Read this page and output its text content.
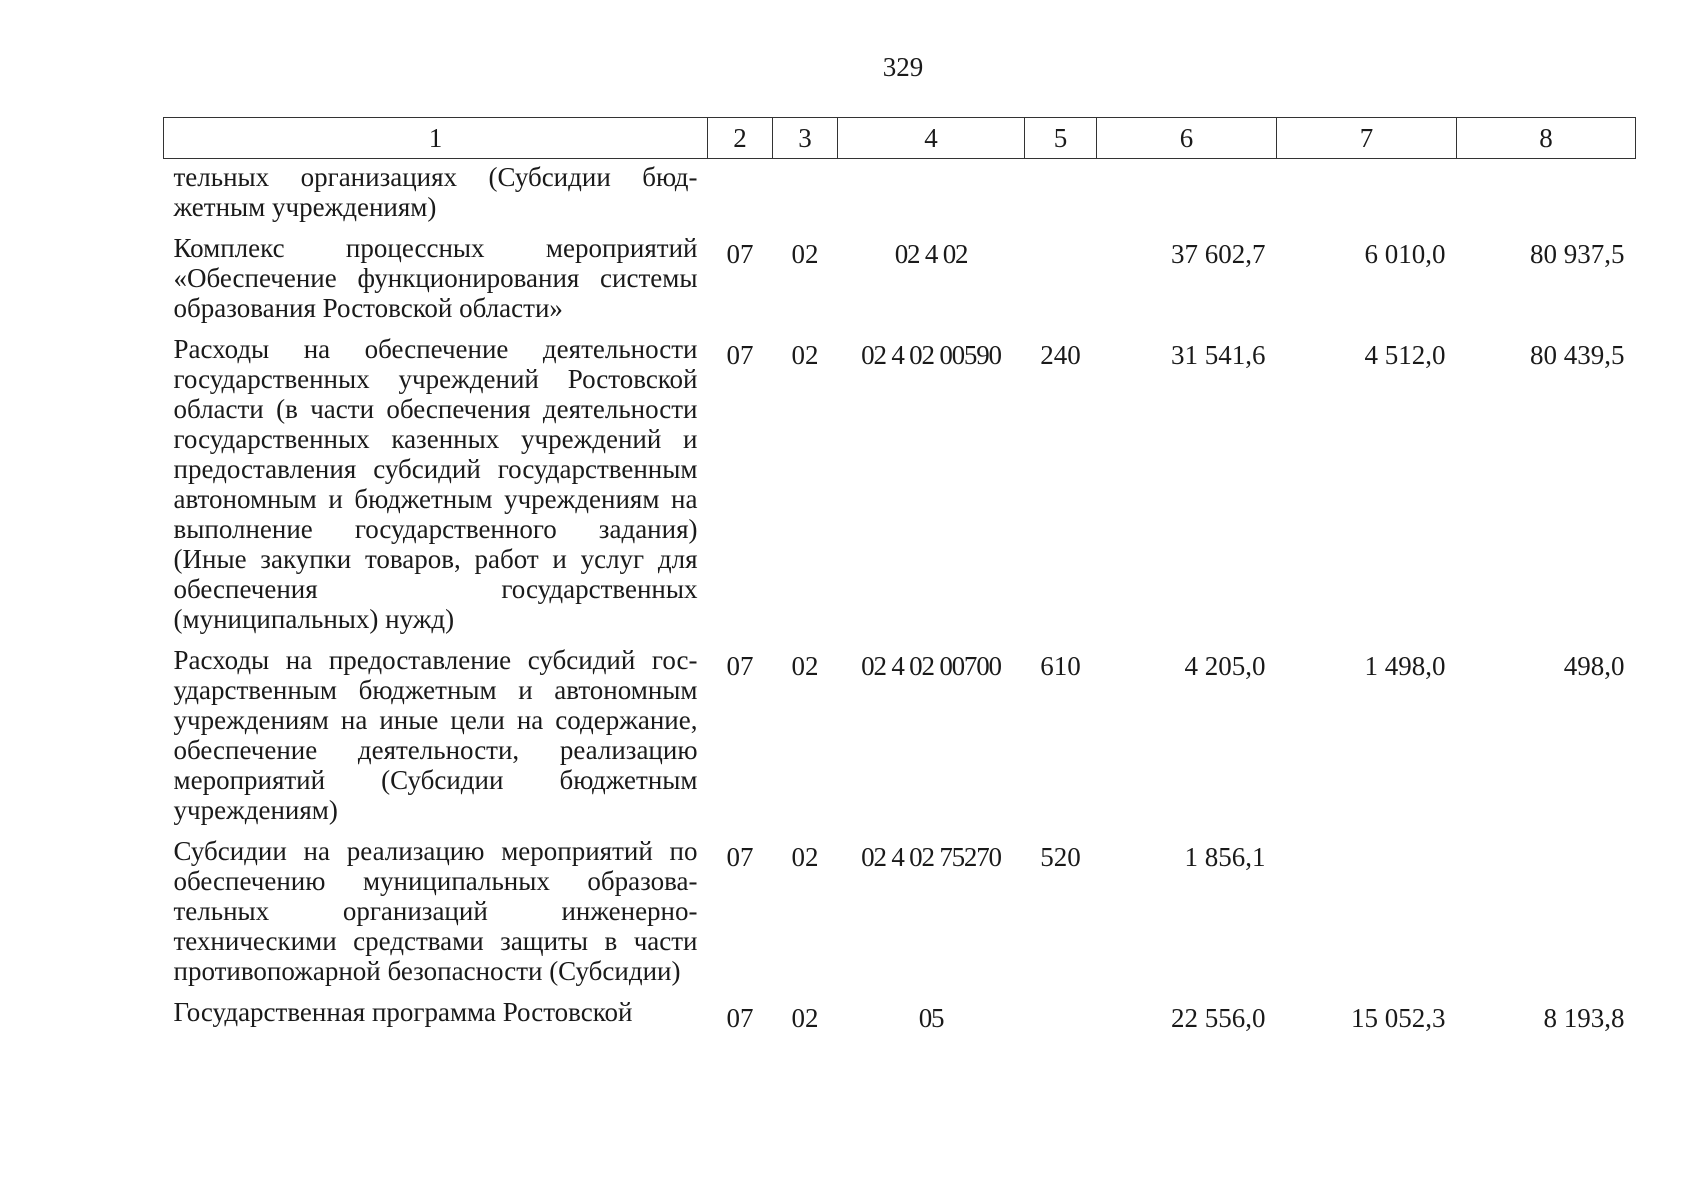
329
1	2	3	4	5	6	7	8
тельных организациях (Субсидии бюджетным учреждениям)							
Комплекс процессных мероприятий «Обеспечение функционирования системы образования Ростовской области»	07	02	02 4 02		37 602,7	6 010,0	80 937,5
Расходы на обеспечение деятельности государственных учреждений Ростовской области (в части обеспечения деятельности государственных казенных учреждений и предоставления субсидий государственным автономным и бюджетным учреждениям на выполнение государственного задания) (Иные закупки товаров, работ и услуг для обеспечения государственных (муниципальных) нужд)	07	02	02 4 02 00590	240	31 541,6	4 512,0	80 439,5
Расходы на предоставление субсидий государственным бюджетным и автономным учреждениям на иные цели на содержание, обеспечение деятельности, реализацию мероприятий (Субсидии бюджетным учреждениям)	07	02	02 4 02 00700	610	4 205,0	1 498,0	498,0
Субсидии на реализацию мероприятий по обеспечению муниципальных образовательных организаций инженерно-техническими средствами защиты в части противопожарной безопасности (Субсидии)	07	02	02 4 02 75270	520	1 856,1		
Государственная программа Ростовской	07	02	05		22 556,0	15 052,3	8 193,8
